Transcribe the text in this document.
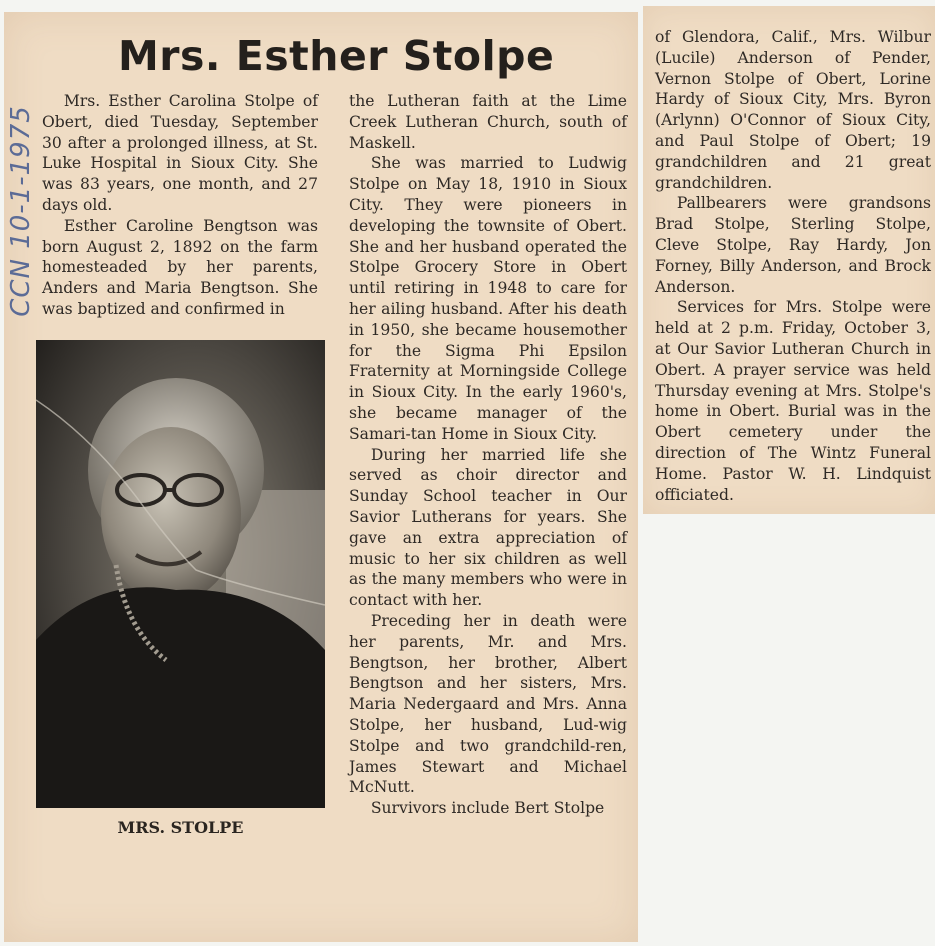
CCN 10-1-1975
Mrs. Esther Stolpe

Mrs. Esther Carolina Stolpe of Obert, died Tuesday, September 30 after a prolonged illness, at St. Luke Hospital in Sioux City. She was 83 years, one month, and 27 days old.

Esther Caroline Bengtson was born August 2, 1892 on the farm homesteaded by her parents, Anders and Maria Bengtson. She was baptized and confirmed in

MRS. STOLPE

the Lutheran faith at the Lime Creek Lutheran Church, south of Maskell.

She was married to Ludwig Stolpe on May 18, 1910 in Sioux City. They were pioneers in developing the townsite of Obert. She and her husband operated the Stolpe Grocery Store in Obert until retiring in 1948 to care for her ailing husband. After his death in 1950, she became housemother for the Sigma Phi Epsilon Fraternity at Morningside College in Sioux City. In the early 1960's, she became manager of the Samari-tan Home in Sioux City.

During her married life she served as choir director and Sunday School teacher in Our Savior Lutherans for years. She gave an extra appreciation of music to her six children as well as the many members who were in contact with her.

Preceding her in death were her parents, Mr. and Mrs. Bengtson, her brother, Albert Bengtson and her sisters, Mrs. Maria Nedergaard and Mrs. Anna Stolpe, her husband, Lud-wig Stolpe and two grandchild-ren, James Stewart and Michael McNutt.

Survivors include Bert Stolpe

of Glendora, Calif., Mrs. Wilbur (Lucile) Anderson of Pender, Vernon Stolpe of Obert, Lorine Hardy of Sioux City, Mrs. Byron (Arlynn) O'Connor of Sioux City, and Paul Stolpe of Obert; 19 grandchildren and 21 great grandchildren.

Pallbearers were grandsons Brad Stolpe, Sterling Stolpe, Cleve Stolpe, Ray Hardy, Jon Forney, Billy Anderson, and Brock Anderson.

Services for Mrs. Stolpe were held at 2 p.m. Friday, October 3, at Our Savior Lutheran Church in Obert. A prayer service was held Thursday evening at Mrs. Stolpe's home in Obert. Burial was in the Obert cemetery under the direction of The Wintz Funeral Home. Pastor W. H. Lindquist officiated.
